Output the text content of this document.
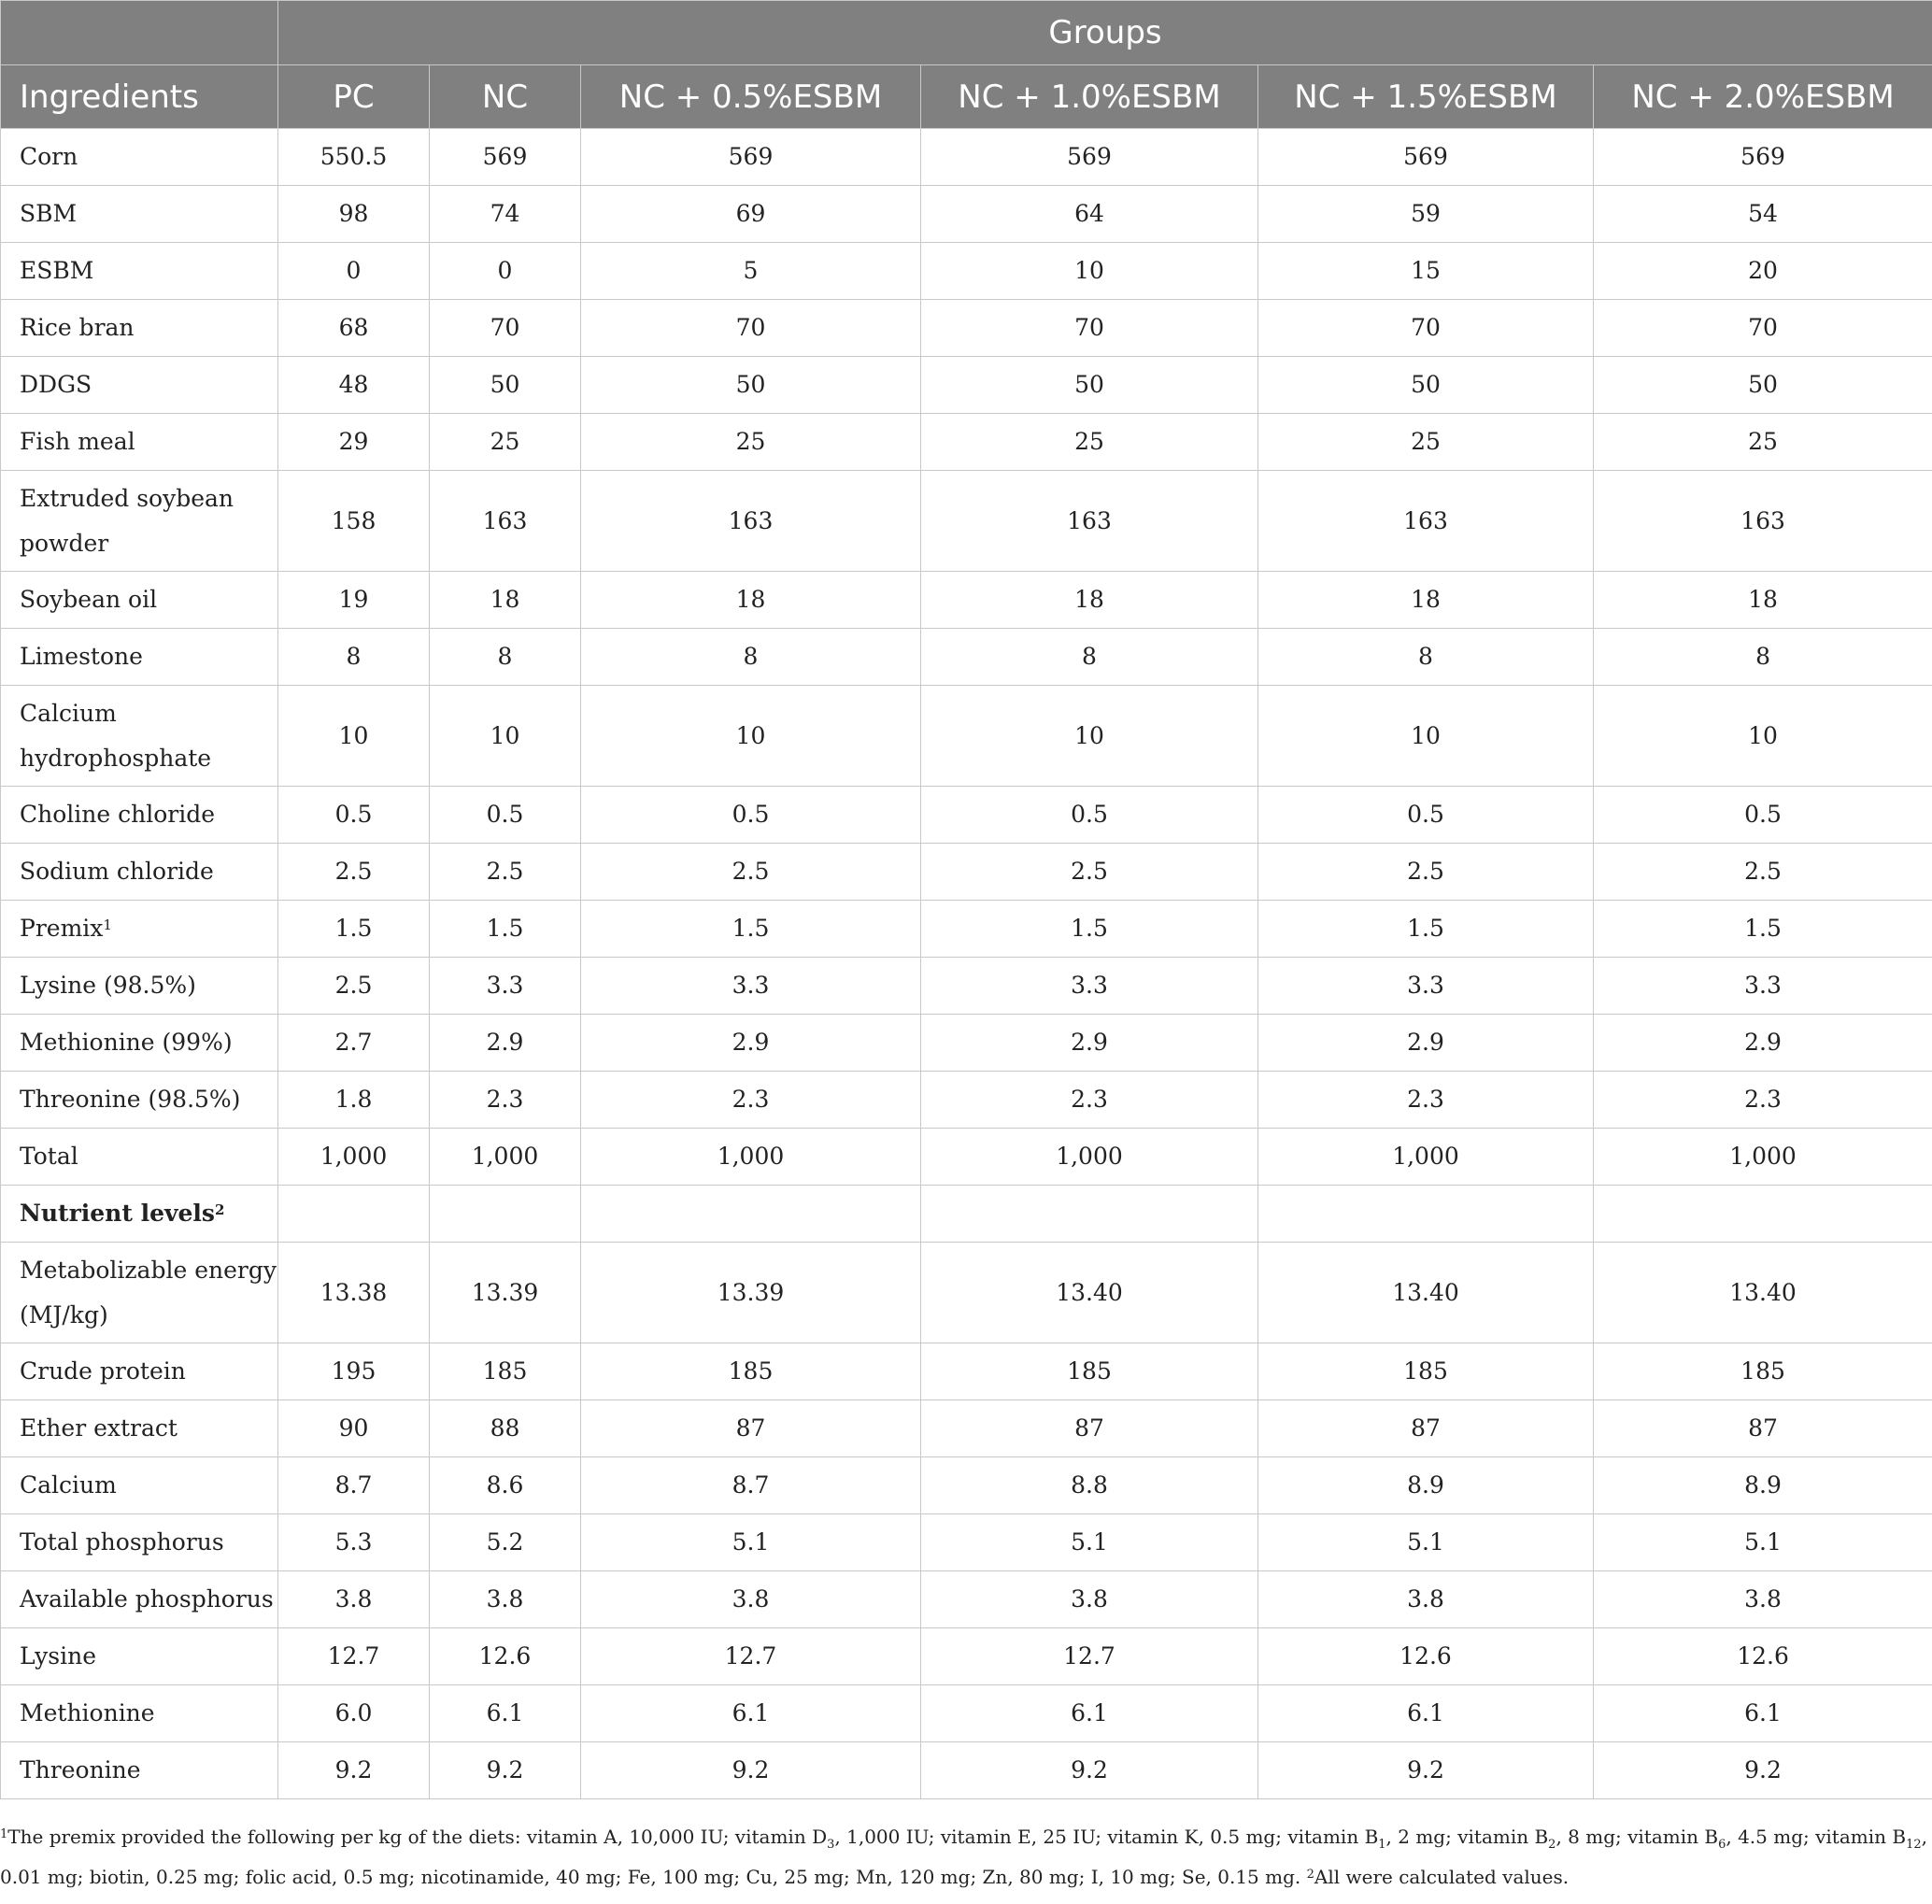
	Groups					
Ingredients	PC	NC	NC + 0.5%ESBM	NC + 1.0%ESBM	NC + 1.5%ESBM	NC + 2.0%ESBM
Corn	550.5	569	569	569	569	569
SBM	98	74	69	64	59	54
ESBM	0	0	5	10	15	20
Rice bran	68	70	70	70	70	70
DDGS	48	50	50	50	50	50
Fish meal	29	25	25	25	25	25
Extruded soybean powder	158	163	163	163	163	163
Soybean oil	19	18	18	18	18	18
Limestone	8	8	8	8	8	8
Calcium hydrophosphate	10	10	10	10	10	10
Choline chloride	0.5	0.5	0.5	0.5	0.5	0.5
Sodium chloride	2.5	2.5	2.5	2.5	2.5	2.5
Premix$^1$	1.5	1.5	1.5	1.5	1.5	1.5
Lysine (98.5%)	2.5	3.3	3.3	3.3	3.3	3.3
Methionine (99%)	2.7	2.9	2.9	2.9	2.9	2.9
Threonine (98.5%)	1.8	2.3	2.3	2.3	2.3	2.3
Total	1,000	1,000	1,000	1,000	1,000	1,000
Nutrient levels$^2$						
Metabolizable energy (MJ/kg)	13.38	13.39	13.39	13.40	13.40	13.40
Crude protein	195	185	185	185	185	185
Ether extract	90	88	87	87	87	87
Calcium	8.7	8.6	8.7	8.8	8.9	8.9
Total phosphorus	5.3	5.2	5.1	5.1	5.1	5.1
Available phosphorus	3.8	3.8	3.8	3.8	3.8	3.8
Lysine	12.7	12.6	12.7	12.7	12.6	12.6
Methionine	6.0	6.1	6.1	6.1	6.1	6.1
Threonine	9.2	9.2	9.2	9.2	9.2	9.2
$^1$The premix provided the following per kg of the diets: vitamin A, 10,000 IU; vitamin $D_3$, 1,000 IU; vitamin E, 25 IU; vitamin K, 0.5 mg; vitamin $B_1$, 2 mg; vitamin $B_2$, 8 mg; vitamin $B_6$, 4.5 mg; vitamin $B_{12}$, 0.01 mg; biotin, 0.25 mg; folic acid, 0.5 mg; nicotinamide, 40 mg; Fe, 100 mg; Cu, 25 mg; Mn, 120 mg; Zn, 80 mg; I, 10 mg; Se, 0.15 mg. $^2$All were calculated values.
